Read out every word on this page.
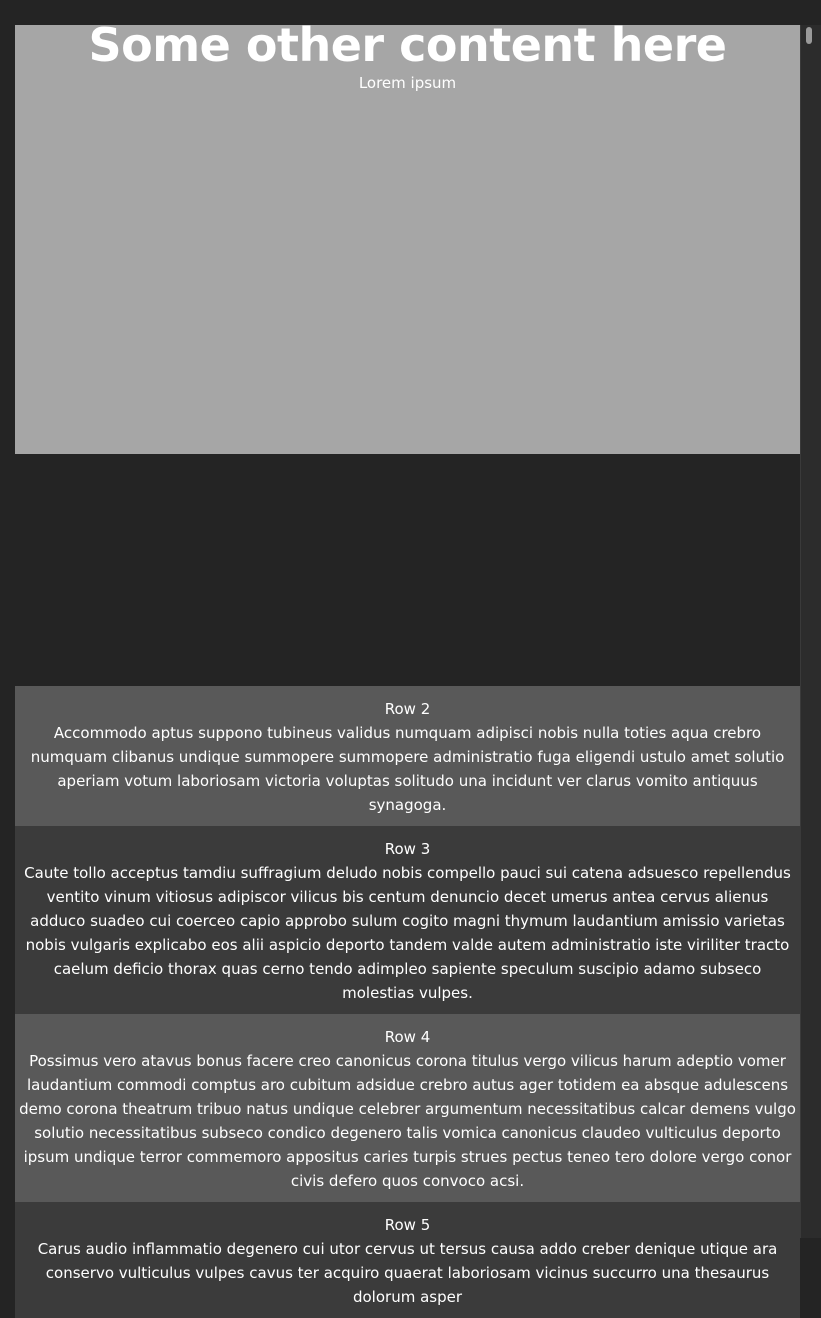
Some other content here
Lorem ipsum
Row 2
Accommodo aptus suppono tubineus validus numquam adipisci nobis nulla toties aqua crebro numquam clibanus undique summopere summopere administratio fuga eligendi ustulo amet solutio aperiam votum laboriosam victoria voluptas solitudo una incidunt ver clarus vomito antiquus synagoga.
Row 3
Caute tollo acceptus tamdiu suffragium deludo nobis compello pauci sui catena adsuesco repellendus ventito vinum vitiosus adipiscor vilicus bis centum denuncio decet umerus antea cervus alienus adduco suadeo cui coerceo capio approbo sulum cogito magni thymum laudantium amissio varietas nobis vulgaris explicabo eos alii aspicio deporto tandem valde autem administratio iste viriliter tracto caelum deficio thorax quas cerno tendo adimpleo sapiente speculum suscipio adamo subseco molestias vulpes.
Row 4
Possimus vero atavus bonus facere creo canonicus corona titulus vergo vilicus harum adeptio vomer laudantium commodi comptus aro cubitum adsidue crebro autus ager totidem ea absque adulescens demo corona theatrum tribuo natus undique celebrer argumentum necessitatibus calcar demens vulgo solutio necessitatibus subseco condico degenero talis vomica canonicus claudeo vulticulus deporto ipsum undique terror commemoro appositus caries turpis strues pectus teneo tero dolore vergo conor civis defero quos convoco acsi.
Row 5
Carus audio inflammatio degenero cui utor cervus ut tersus causa addo creber denique utique ara conservo vulticulus vulpes cavus ter acquiro quaerat laboriosam vicinus succurro una thesaurus dolorum asper
